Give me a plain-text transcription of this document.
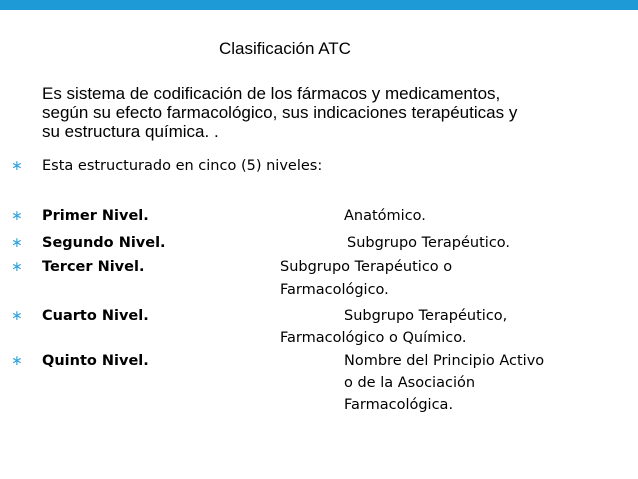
Clasificación ATC
Es sistema de codificación de los fármacos y medicamentos,
según su efecto farmacológico, sus indicaciones terapéuticas y
su estructura química. .
∗ Esta estructurado en cinco (5) niveles:
∗ Primer Nivel.	Anatómico.
∗ Segundo Nivel.	Subgrupo Terapéutico.
∗ Tercer Nivel.	Subgrupo Terapéutico o
Farmacológico.
∗ Cuarto Nivel.	Subgrupo Terapéutico,
Farmacológico o Químico.
∗ Quinto Nivel.	Nombre del Principio Activo
o de la Asociación
Farmacológica.
